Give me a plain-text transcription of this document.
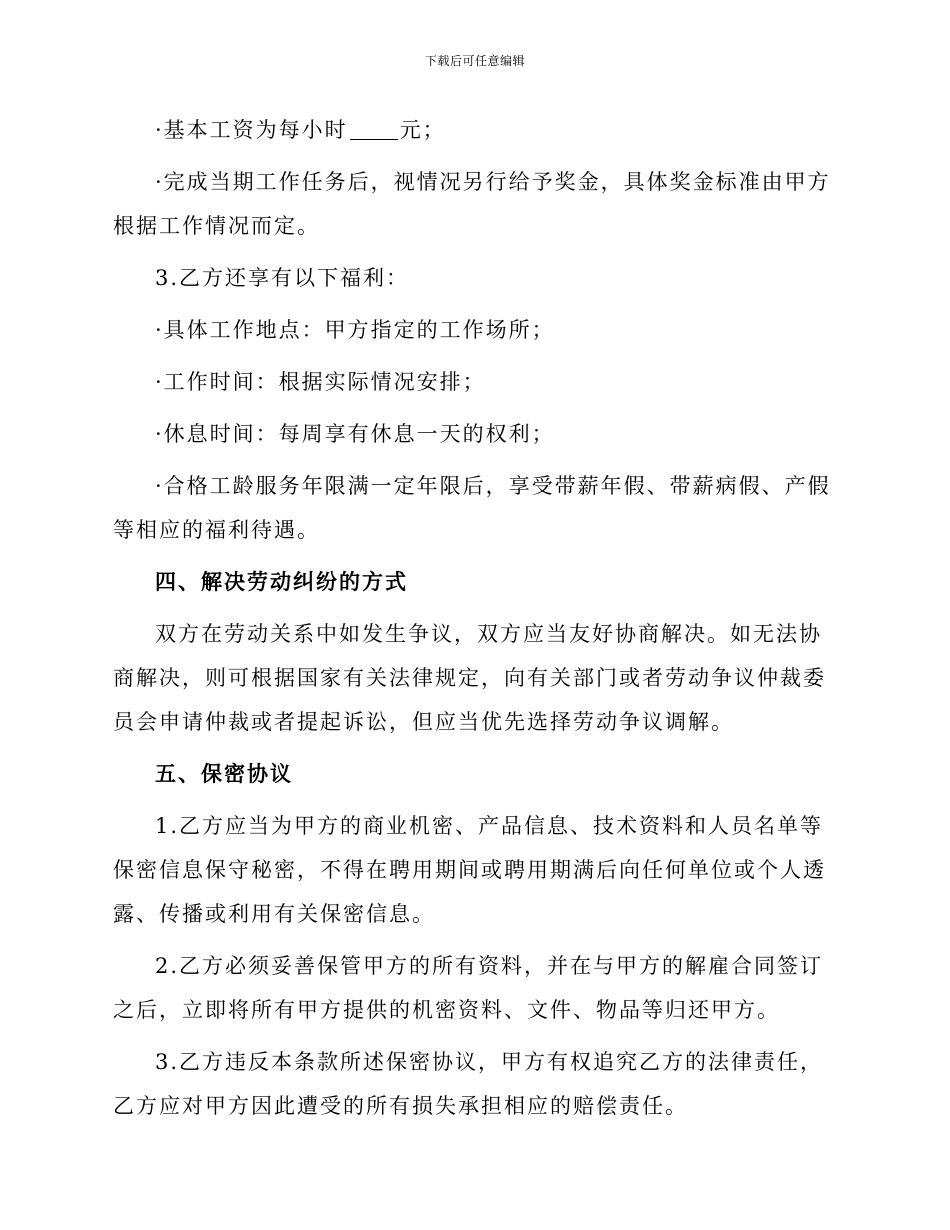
下载后可任意编辑

·基本工资为每小时 元；

·完成当期工作任务后，视情况另行给予奖金，具体奖金标准由甲方根据工作情况而定。

3.乙方还享有以下福利：

·具体工作地点：甲方指定的工作场所；

·工作时间：根据实际情况安排；

·休息时间：每周享有休息一天的权利；

·合格工龄服务年限满一定年限后，享受带薪年假、带薪病假、产假等相应的福利待遇。

四、解决劳动纠纷的方式

双方在劳动关系中如发生争议，双方应当友好协商解决。如无法协商解决，则可根据国家有关法律规定，向有关部门或者劳动争议仲裁委员会申请仲裁或者提起诉讼，但应当优先选择劳动争议调解。

五、保密协议

1.乙方应当为甲方的商业机密、产品信息、技术资料和人员名单等保密信息保守秘密，不得在聘用期间或聘用期满后向任何单位或个人透露、传播或利用有关保密信息。

2.乙方必须妥善保管甲方的所有资料，并在与甲方的解雇合同签订之后，立即将所有甲方提供的机密资料、文件、物品等归还甲方。

3.乙方违反本条款所述保密协议，甲方有权追究乙方的法律责任，乙方应对甲方因此遭受的所有损失承担相应的赔偿责任。
